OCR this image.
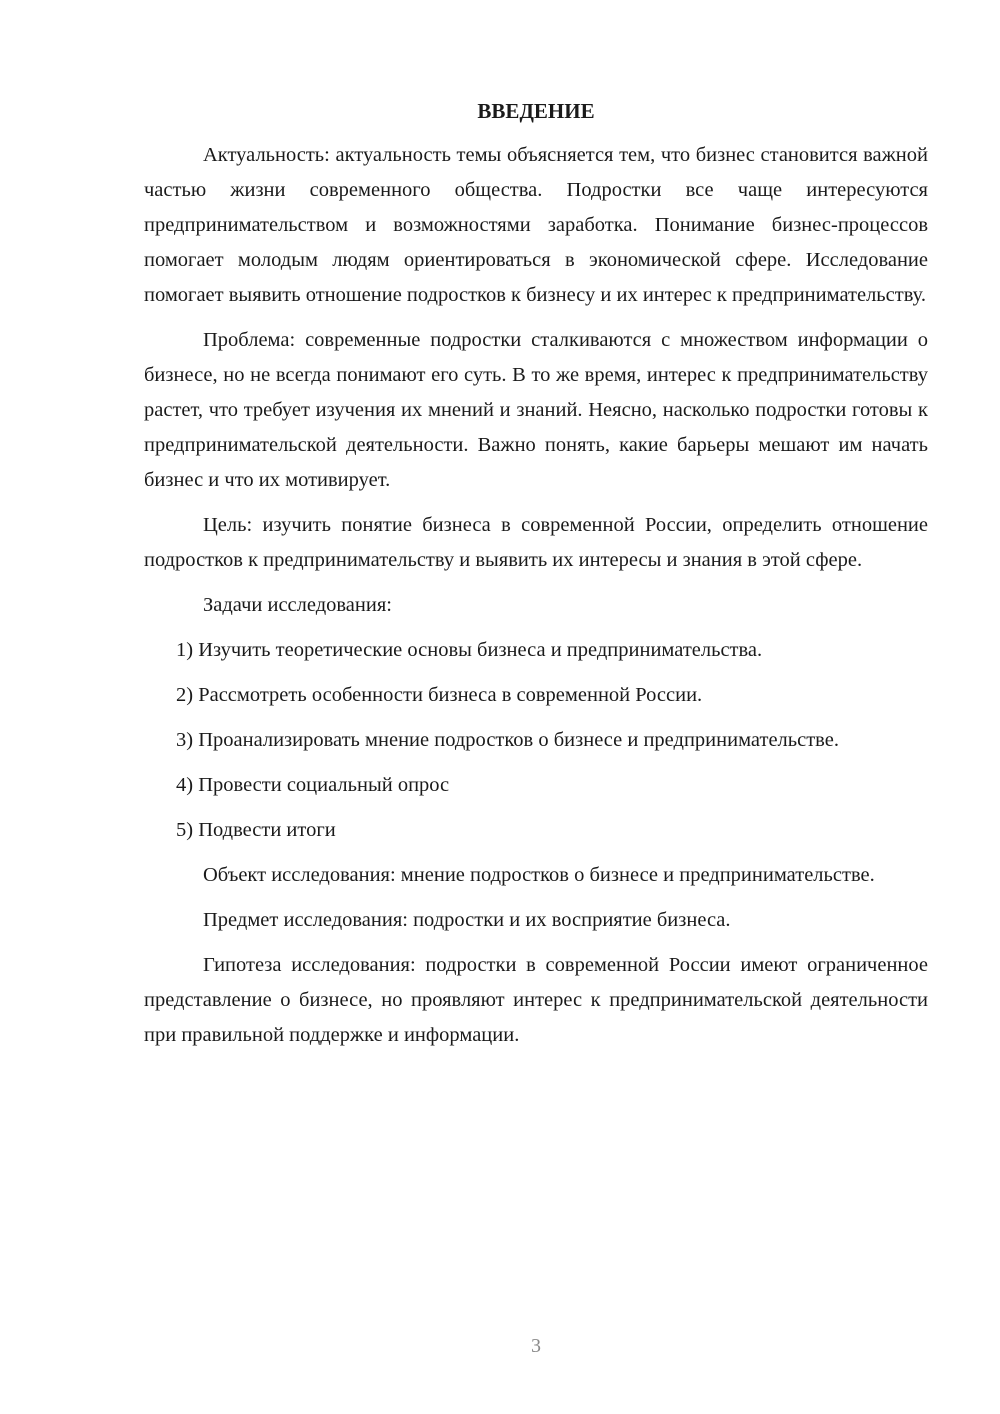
ВВЕДЕНИЕ

Актуальность: актуальность темы объясняется тем, что бизнес становится важной частью жизни современного общества. Подростки все чаще интересуются предпринимательством и возможностями заработка. Понимание бизнес-процессов помогает молодым людям ориентироваться в экономической сфере. Исследование помогает выявить отношение подростков к бизнесу и их интерес к предпринимательству.

Проблема: современные подростки сталкиваются с множеством информации о бизнесе, но не всегда понимают его суть. В то же время, интерес к предпринимательству растет, что требует изучения их мнений и знаний. Неясно, насколько подростки готовы к предпринимательской деятельности. Важно понять, какие барьеры мешают им начать бизнес и что их мотивирует.

Цель: изучить понятие бизнеса в современной России, определить отношение подростков к предпринимательству и выявить их интересы и знания в этой сфере.

Задачи исследования:

1) Изучить теоретические основы бизнеса и предпринимательства.

2) Рассмотреть особенности бизнеса в современной России.

3) Проанализировать мнение подростков о бизнесе и предпринимательстве.

4) Провести социальный опрос

5) Подвести итоги

Объект исследования: мнение подростков о бизнесе и предпринимательстве.

Предмет исследования: подростки и их восприятие бизнеса.

Гипотеза исследования: подростки в современной России имеют ограниченное представление о бизнесе, но проявляют интерес к предпринимательской деятельности при правильной поддержке и информации.

3
